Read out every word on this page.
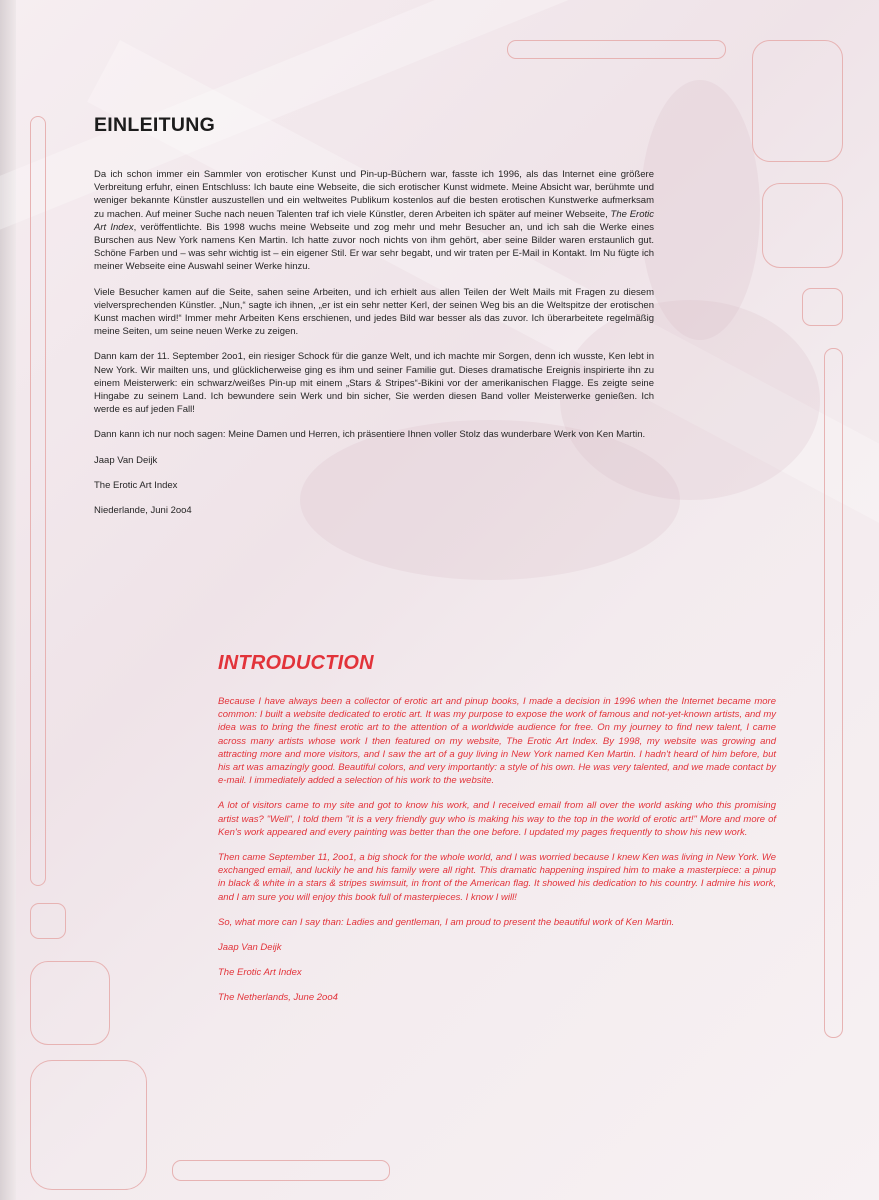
EINLEITUNG

Da ich schon immer ein Sammler von erotischer Kunst und Pin-up-Büchern war, fasste ich 1996, als das Internet eine größere Verbreitung erfuhr, einen Entschluss: Ich baute eine Webseite, die sich erotischer Kunst widmete. Meine Absicht war, berühmte und weniger bekannte Künstler auszustellen und ein weltweites Publikum kostenlos auf die besten erotischen Kunstwerke aufmerksam zu machen. Auf meiner Suche nach neuen Talenten traf ich viele Künstler, deren Arbeiten ich später auf meiner Webseite, The Erotic Art Index, veröffentlichte. Bis 1998 wuchs meine Webseite und zog mehr und mehr Besucher an, und ich sah die Werke eines Burschen aus New York namens Ken Martin. Ich hatte zuvor noch nichts von ihm gehört, aber seine Bilder waren erstaunlich gut. Schöne Farben und – was sehr wichtig ist – ein eigener Stil. Er war sehr begabt, und wir traten per E-Mail in Kontakt. Im Nu fügte ich meiner Webseite eine Auswahl seiner Werke hinzu.

Viele Besucher kamen auf die Seite, sahen seine Arbeiten, und ich erhielt aus allen Teilen der Welt Mails mit Fragen zu diesem vielversprechenden Künstler. „Nun,“ sagte ich ihnen, „er ist ein sehr netter Kerl, der seinen Weg bis an die Weltspitze der erotischen Kunst machen wird!“ Immer mehr Arbeiten Kens erschienen, und jedes Bild war besser als das zuvor. Ich überarbeitete regelmäßig meine Seiten, um seine neuen Werke zu zeigen.

Dann kam der 11. September 2oo1, ein riesiger Schock für die ganze Welt, und ich machte mir Sorgen, denn ich wusste, Ken lebt in New York. Wir mailten uns, und glücklicherweise ging es ihm und seiner Familie gut. Dieses dramatische Ereignis inspirierte ihn zu einem Meisterwerk: ein schwarz/weißes Pin-up mit einem „Stars & Stripes“-Bikini vor der amerikanischen Flagge. Es zeigte seine Hingabe zu seinem Land. Ich bewundere sein Werk und bin sicher, Sie werden diesen Band voller Meisterwerke genießen. Ich werde es auf jeden Fall!

Dann kann ich nur noch sagen: Meine Damen und Herren, ich präsentiere Ihnen voller Stolz das wunderbare Werk von Ken Martin.

Jaap Van Deijk

The Erotic Art Index

Niederlande, Juni 2oo4

INTRODUCTION

Because I have always been a collector of erotic art and pinup books, I made a decision in 1996 when the Internet became more common: I built a website dedicated to erotic art. It was my purpose to expose the work of famous and not-yet-known artists, and my idea was to bring the finest erotic art to the attention of a worldwide audience for free. On my journey to find new talent, I came across many artists whose work I then featured on my website, The Erotic Art Index. By 1998, my website was growing and attracting more and more visitors, and I saw the art of a guy living in New York named Ken Martin. I hadn't heard of him before, but his art was amazingly good. Beautiful colors, and very importantly: a style of his own. He was very talented, and we made contact by e-mail. I immediately added a selection of his work to the website.

A lot of visitors came to my site and got to know his work, and I received email from all over the world asking who this promising artist was? "Well", I told them "it is a very friendly guy who is making his way to the top in the world of erotic art!" More and more of Ken's work appeared and every painting was better than the one before. I updated my pages frequently to show his new work.

Then came September 11, 2oo1, a big shock for the whole world, and I was worried because I knew Ken was living in New York. We exchanged email, and luckily he and his family were all right. This dramatic happening inspired him to make a masterpiece: a pinup in black & white in a stars & stripes swimsuit, in front of the American flag. It showed his dedication to his country. I admire his work, and I am sure you will enjoy this book full of masterpieces. I know I will!

So, what more can I say than: Ladies and gentleman, I am proud to present the beautiful work of Ken Martin.

Jaap Van Deijk

The Erotic Art Index

The Netherlands, June 2oo4
